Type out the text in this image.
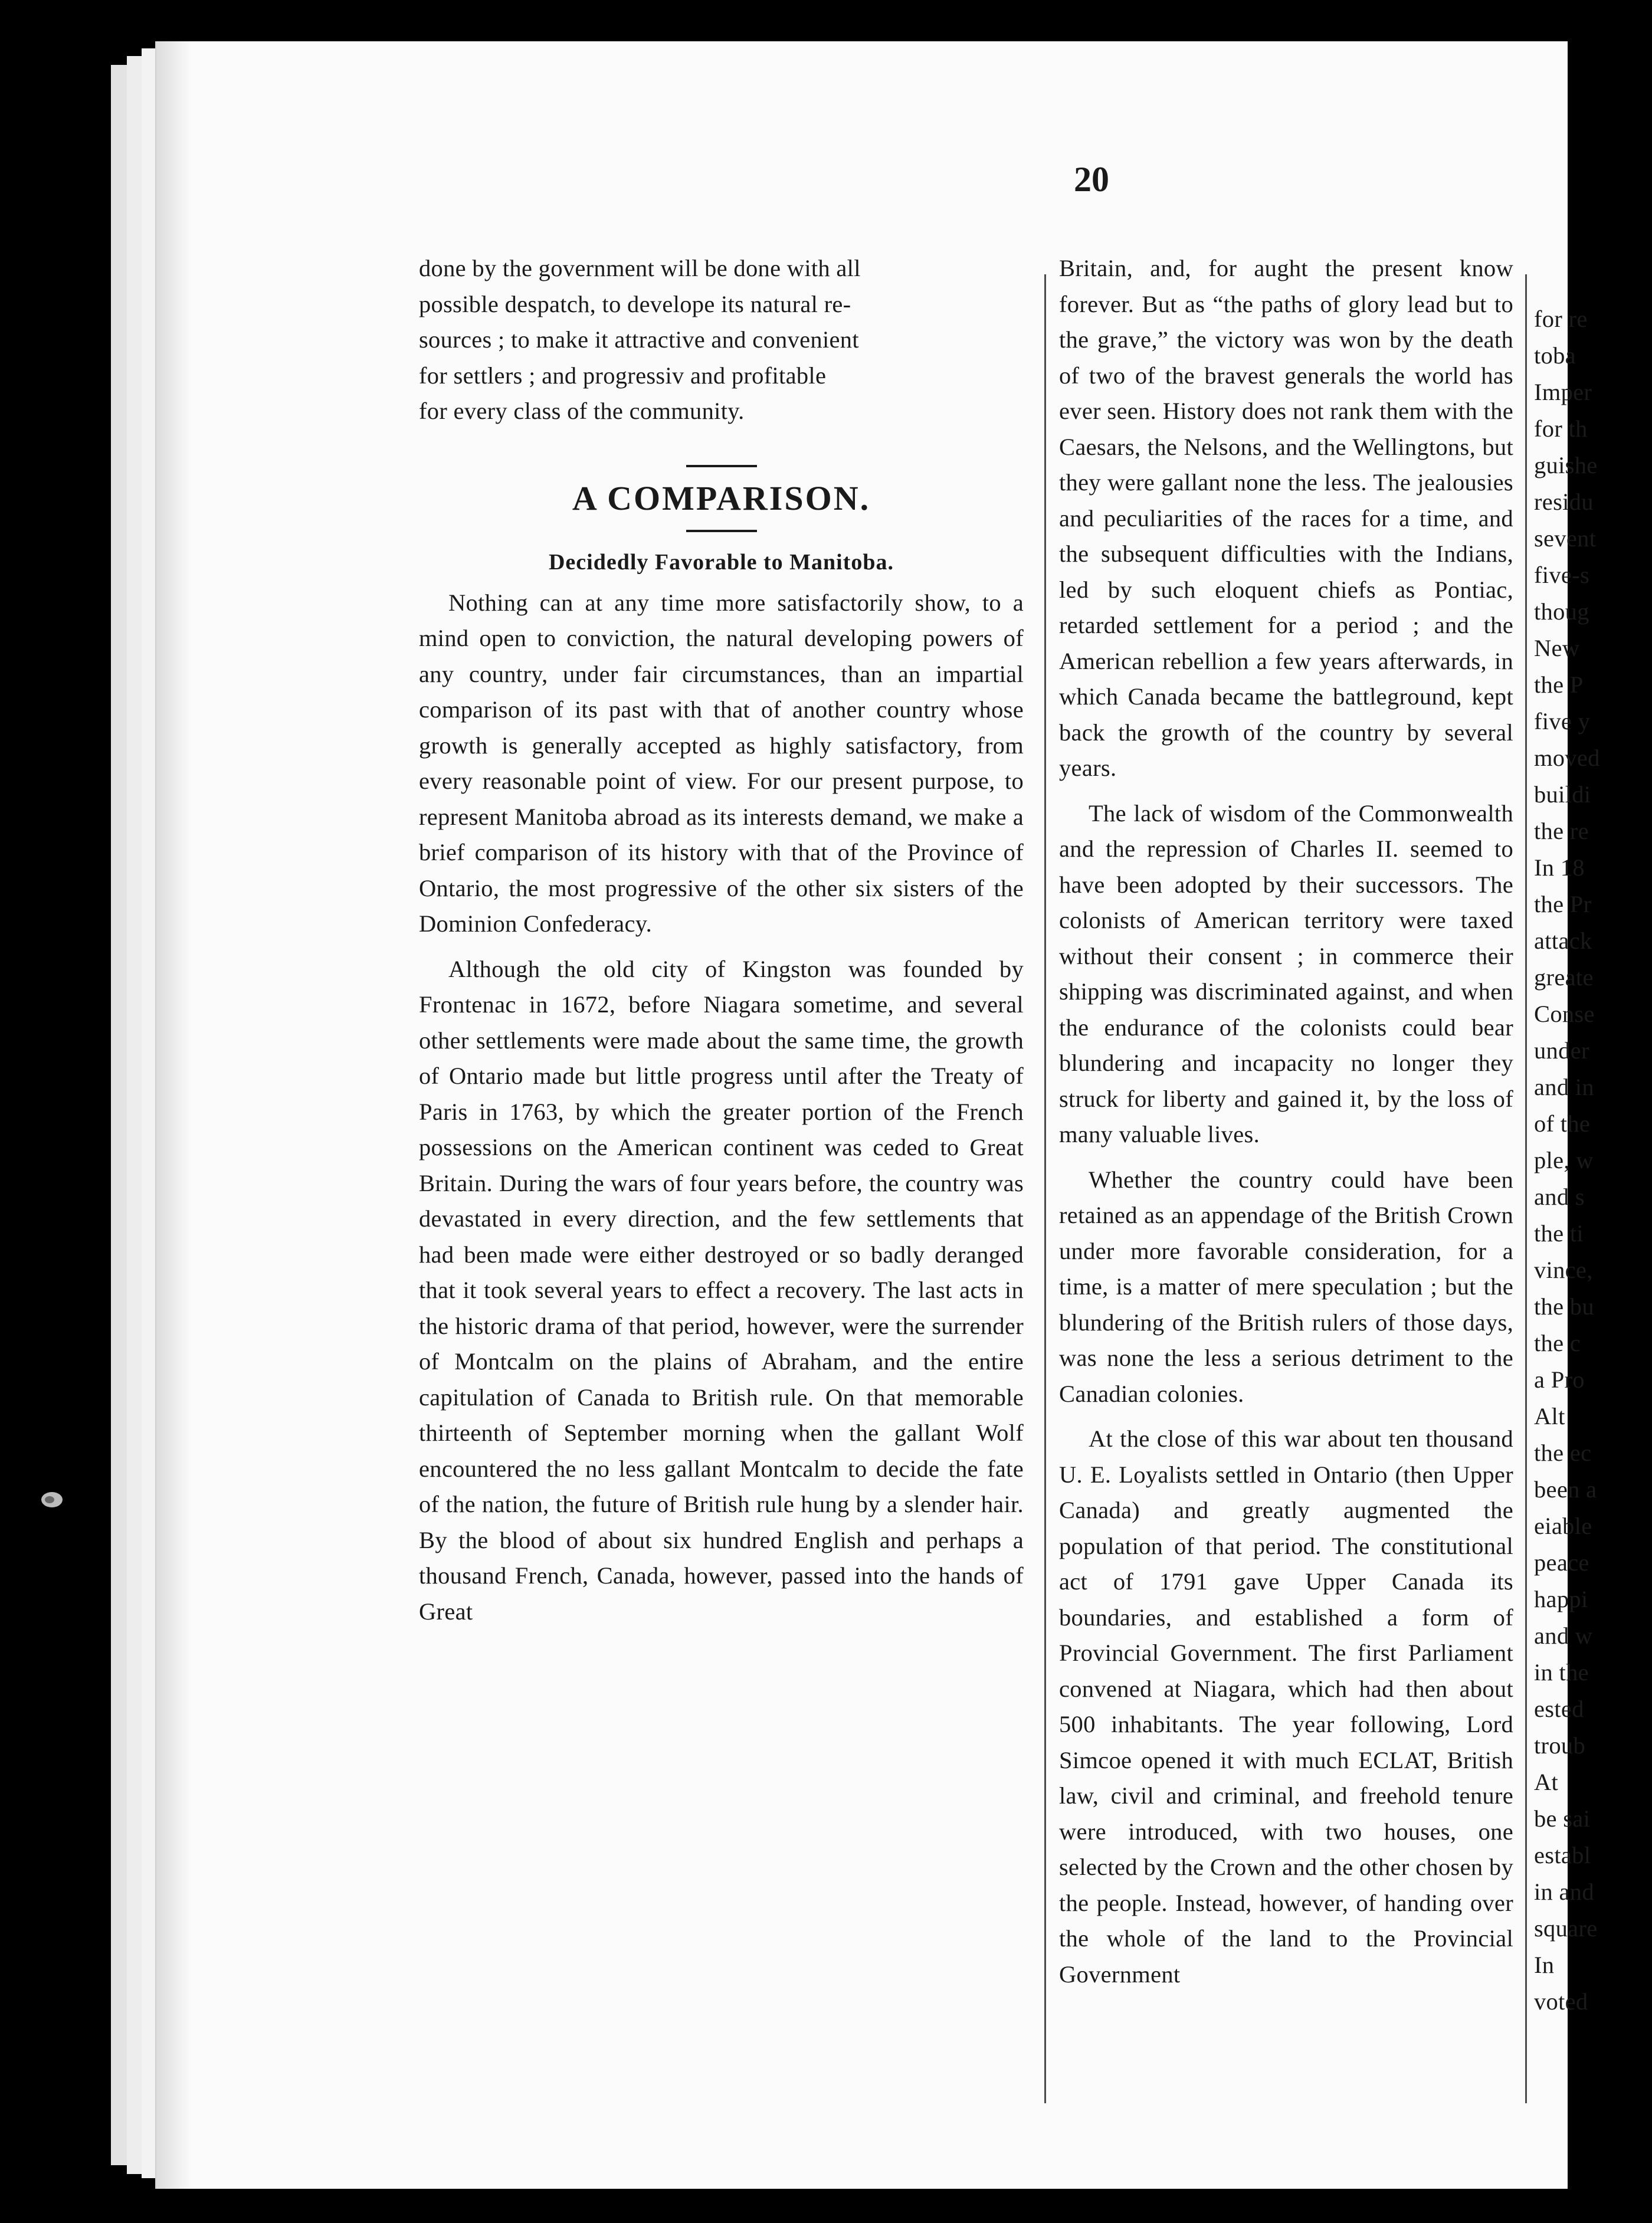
20

done by the government will be done with all

possible despatch, to develope its natural re-

sources ; to make it attractive and convenient

for settlers ; and progressiv and profitable

for every class of the community.

A COMPARISON.
Decidedly Favorable to Manitoba.

Nothing can at any time more satisfactorily show, to a mind open to conviction, the natural developing powers of any country, under fair circumstances, than an impartial comparison of its past with that of another country whose growth is generally accepted as highly satisfactory, from every reasonable point of view. For our present purpose, to represent Manitoba abroad as its interests demand, we make a brief comparison of its history with that of the Province of Ontario, the most progressive of the other six sisters of the Dominion Confederacy.

Although the old city of Kingston was founded by Frontenac in 1672, before Niagara sometime, and several other settlements were made about the same time, the growth of Ontario made but little progress until after the Treaty of Paris in 1763, by which the greater portion of the French possessions on the American continent was ceded to Great Britain. During the wars of four years before, the country was devastated in every direction, and the few settlements that had been made were either destroyed or so badly deranged that it took several years to effect a recovery. The last acts in the historic drama of that period, however, were the surrender of Montcalm on the plains of Abraham, and the entire capitulation of Canada to British rule. On that memorable thirteenth of September morning when the gallant Wolf encountered the no less gallant Montcalm to decide the fate of the nation, the future of British rule hung by a slender hair. By the blood of about six hundred English and perhaps a thousand French, Canada, however, passed into the hands of Great

Britain, and, for aught the present know forever. But as “the paths of glory lead but to the grave,” the victory was won by the death of two of the bravest generals the world has ever seen. History does not rank them with the Caesars, the Nelsons, and the Wellingtons, but they were gallant none the less. The jealousies and peculiarities of the races for a time, and the subsequent difficulties with the Indians, led by such eloquent chiefs as Pontiac, retarded settlement for a period ; and the American rebellion a few years afterwards, in which Canada became the battleground, kept back the growth of the country by several years.

The lack of wisdom of the Commonwealth and the repression of Charles II. seemed to have been adopted by their successors. The colonists of American territory were taxed without their consent ; in commerce their shipping was discriminated against, and when the endurance of the colonists could bear blundering and incapacity no longer they struck for liberty and gained it, by the loss of many valuable lives.

Whether the country could have been retained as an appendage of the British Crown under more favorable consideration, for a time, is a matter of mere speculation ; but the blundering of the British rulers of those days, was none the less a serious detriment to the Canadian colonies.

At the close of this war about ten thousand U. E. Loyalists settled in Ontario (then Upper Canada) and greatly augmented the population of that period. The constitutional act of 1791 gave Upper Canada its boundaries, and established a form of Provincial Government. The first Parliament convened at Niagara, which had then about 500 inhabitants. The year following, Lord Simcoe opened it with much ECLAT, British law, civil and criminal, and freehold tenure were introduced, with two houses, one selected by the Crown and the other chosen by the people. Instead, however, of handing over the whole of the land to the Provincial Government

for re
toba
Imper
for th
guishe
residu
sevent
five-s
thoug
New
the P
five y
moved
buildi
the re
In 18
the Pr
attack
greate
Conse
under
and in
of the
ple, w
and s
the ti
vince,
the bu
the c
a Pro
Alt
the ec
been a
eiable
peace
happi
and w
in the
ested
troub
At
be sai
establ
in and
square
In
voted
